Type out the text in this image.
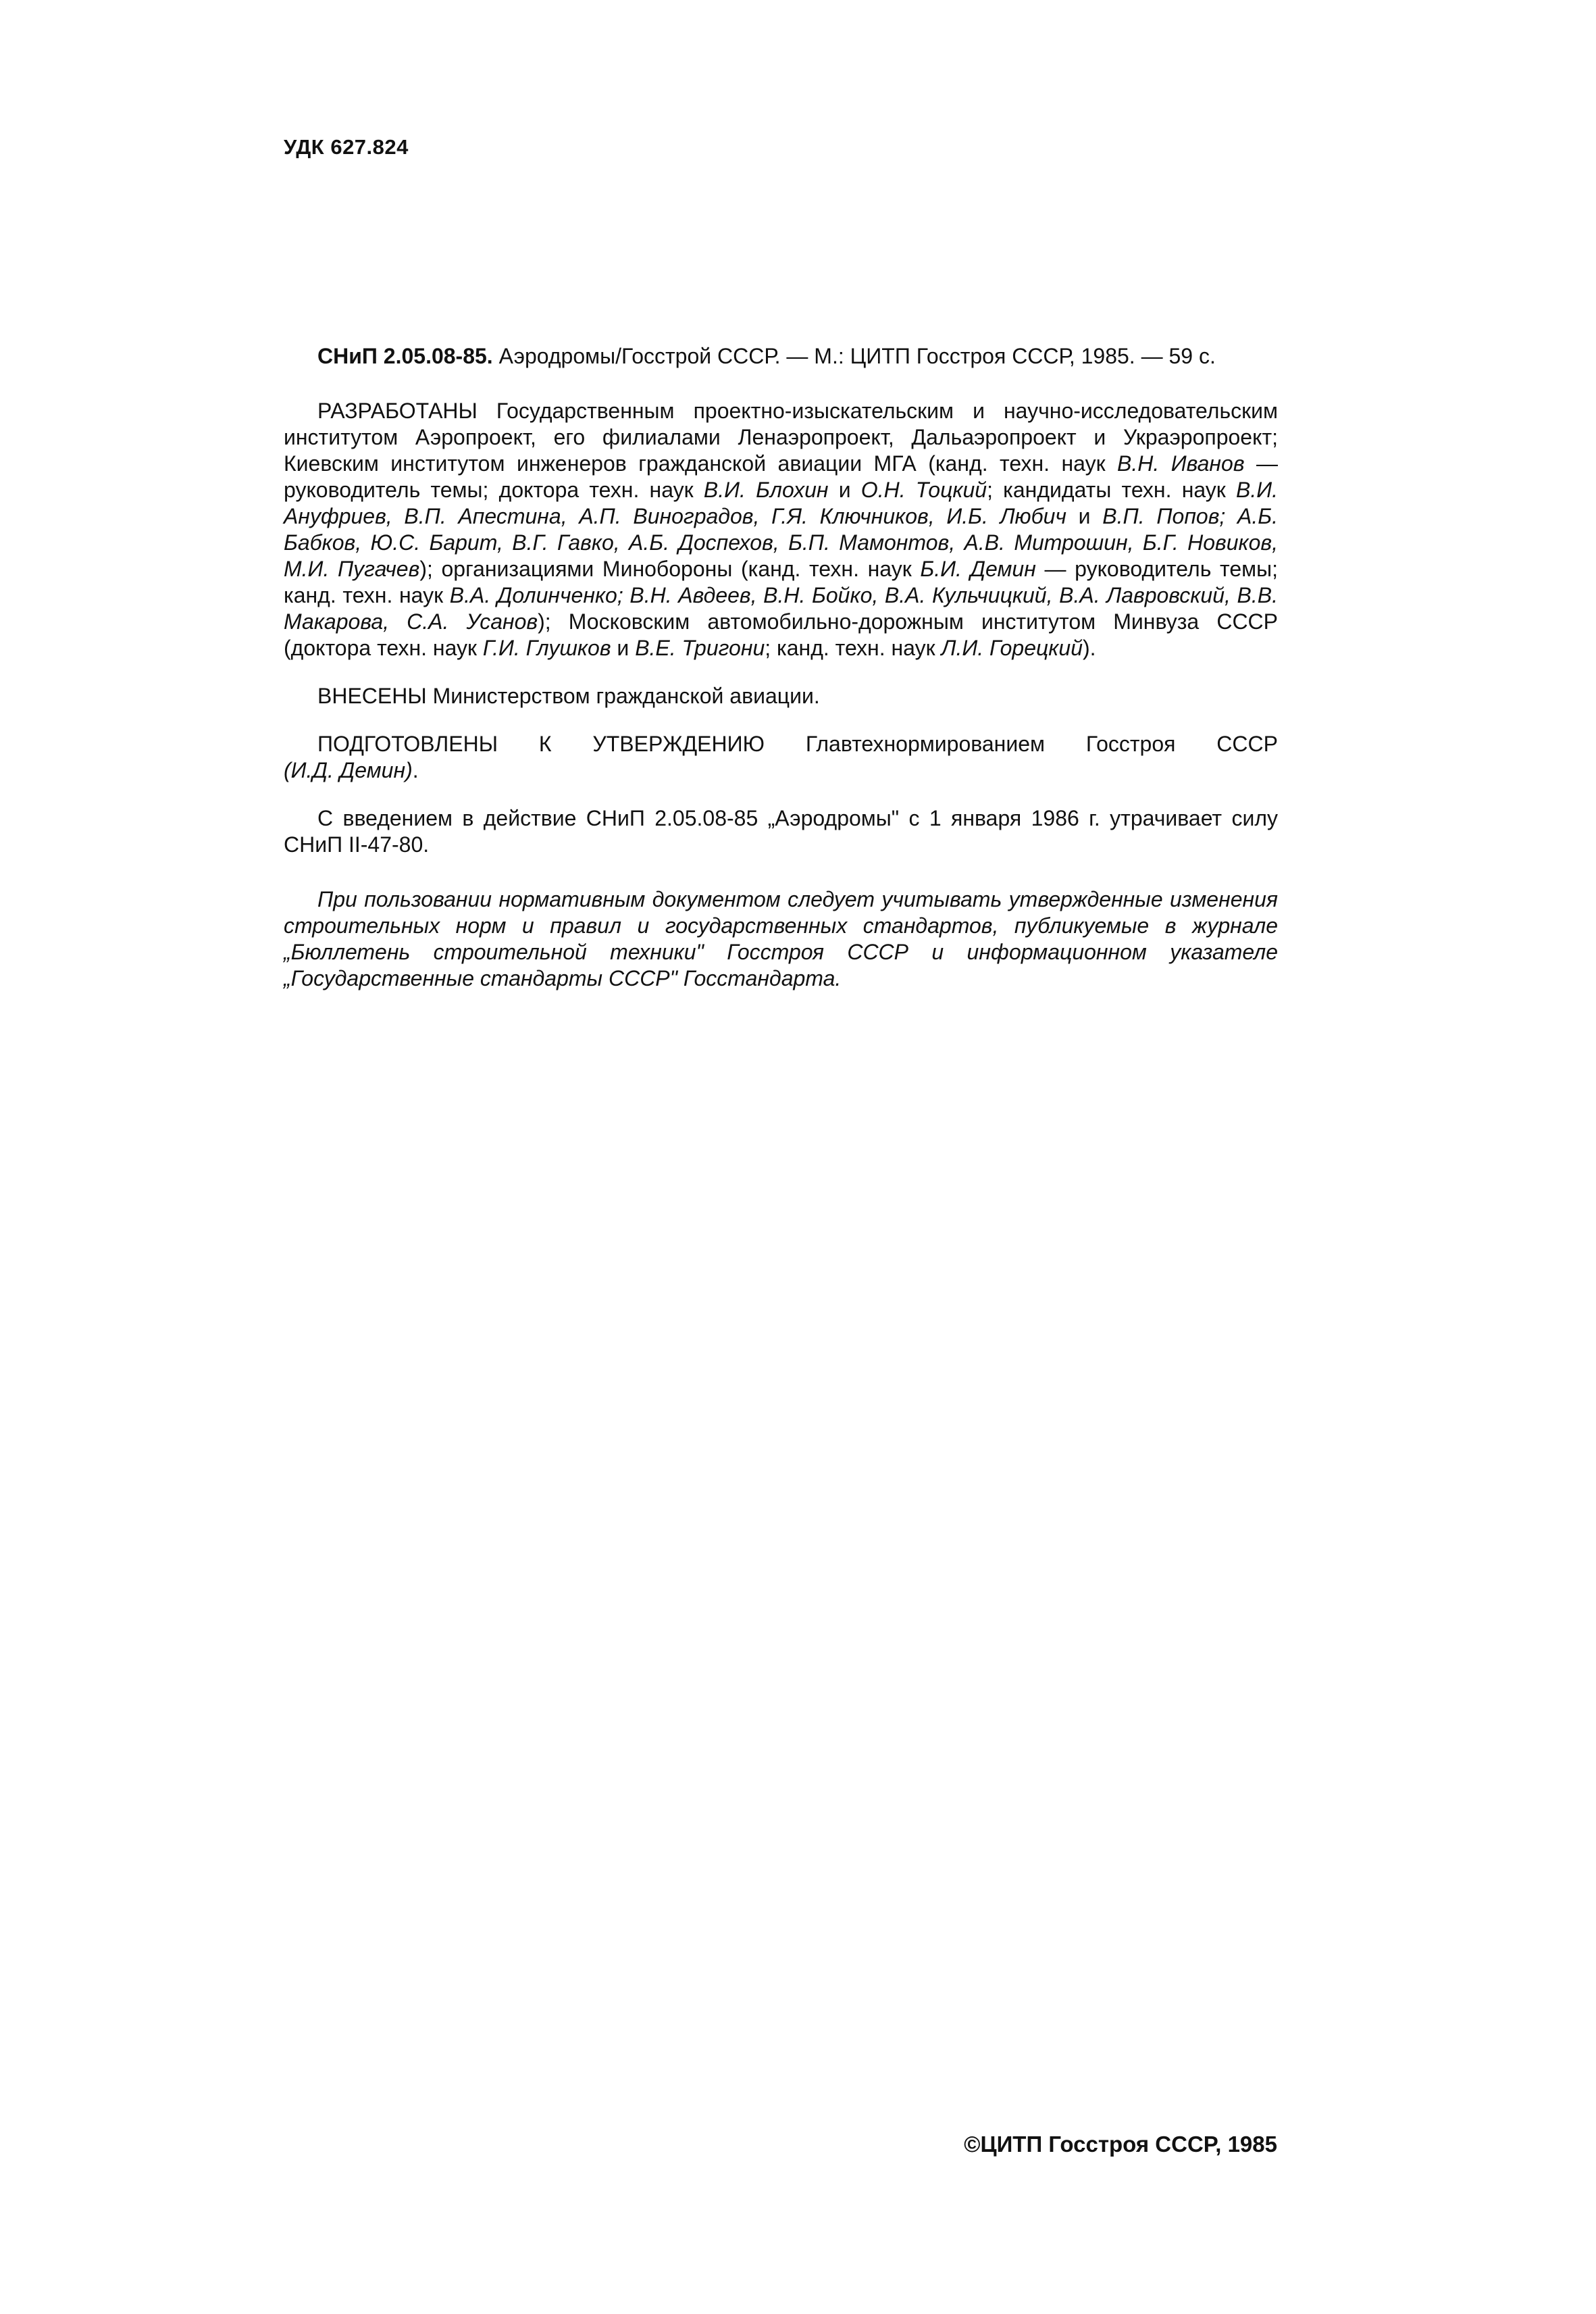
УДК 627.824

СНиП 2.05.08-85. Аэродромы/Госстрой СССР. — М.: ЦИТП Госстроя СССР, 1985. — 59 с.

РАЗРАБОТАНЫ Государственным проектно-изыскательским и научно-исследовательским институтом Аэропроект, его филиалами Ленаэропроект, Дальаэропроект и Украэропроект; Киевским институтом инженеров гражданской авиации МГА (канд. техн. наук В.Н. Иванов — руководитель темы; доктора техн. наук В.И. Блохин и О.Н. Тоцкий; кандидаты техн. наук В.И. Ануфриев, В.П. Апестина, А.П. Виноградов, Г.Я. Ключников, И.Б. Любич и В.П. Попов; А.Б. Бабков, Ю.С. Барит, В.Г. Гавко, А.Б. Доспехов, Б.П. Мамонтов, А.В. Митрошин, Б.Г. Новиков, М.И. Пугачев); организациями Минобороны (канд. техн. наук Б.И. Демин — руководитель темы; канд. техн. наук В.А. Долинченко; В.Н. Авдеев, В.Н. Бойко, В.А. Кульчицкий, В.А. Лавровский, В.В. Макарова, С.А. Усанов); Московским автомобильно-дорожным институтом Минвуза СССР (доктора техн. наук Г.И. Глушков и В.Е. Тригони; канд. техн. наук Л.И. Горецкий).

ВНЕСЕНЫ Министерством гражданской авиации.

ПОДГОТОВЛЕНЫ К УТВЕРЖДЕНИЮ Главтехнормированием Госстроя СССР

(И.Д. Демин).

С введением в действие СНиП 2.05.08-85 „Аэродромы" с 1 января 1986 г. утрачивает силу СНиП II-47-80.

При пользовании нормативным документом следует учитывать утвержденные изменения строительных норм и правил и государственных стандартов, публикуемые в журнале „Бюллетень строительной техники" Госстроя СССР и информационном указателе „Государственные стандарты СССР" Госстандарта.

©ЦИТП Госстроя СССР, 1985
